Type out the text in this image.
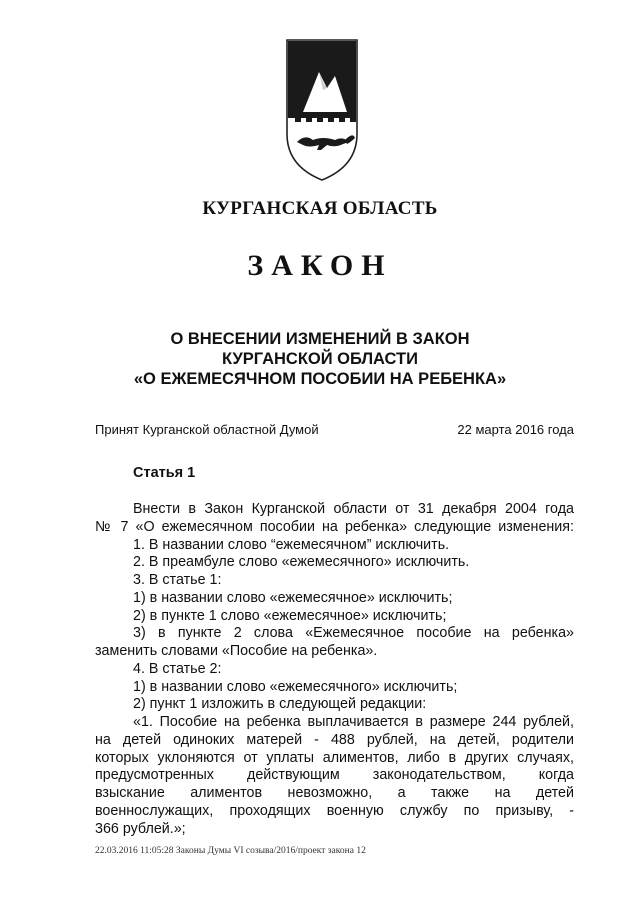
КУРГАНСКАЯ ОБЛАСТЬ
ЗАКОН
О ВНЕСЕНИИ ИЗМЕНЕНИЙ В ЗАКОН
КУРГАНСКОЙ ОБЛАСТИ
«О ЕЖЕМЕСЯЧНОМ ПОСОБИИ НА РЕБЕНКА»
Принят Курганской областной Думой	22 марта 2016 года
Статья 1

Внести в Закон Курганской области от 31 декабря 2004 года

№ 7 «О ежемесячном пособии на ребенка» следующие изменения:

1. В названии слово “ежемесячном” исключить.

2. В преамбуле слово «ежемесячного» исключить.

3. В статье 1:

1) в названии слово «ежемесячное» исключить;

2) в пункте 1 слово «ежемесячное» исключить;

3) в пункте 2 слова «Ежемесячное пособие на ребенка»

заменить словами «Пособие на ребенка».

4. В статье 2:

1) в названии слово «ежемесячного» исключить;

2) пункт 1 изложить в следующей редакции:

«1. Пособие на ребенка выплачивается в размере 244 рублей,

на детей одиноких матерей - 488 рублей, на детей, родители

которых уклоняются от уплаты алиментов, либо в других случаях,

предусмотренных действующим законодательством, когда

взыскание алиментов невозможно, а также на детей

военнослужащих, проходящих военную службу по призыву, -

366 рублей.»;

22.03.2016 11:05:28 Законы Думы VI созыва/2016/проект закона 12
